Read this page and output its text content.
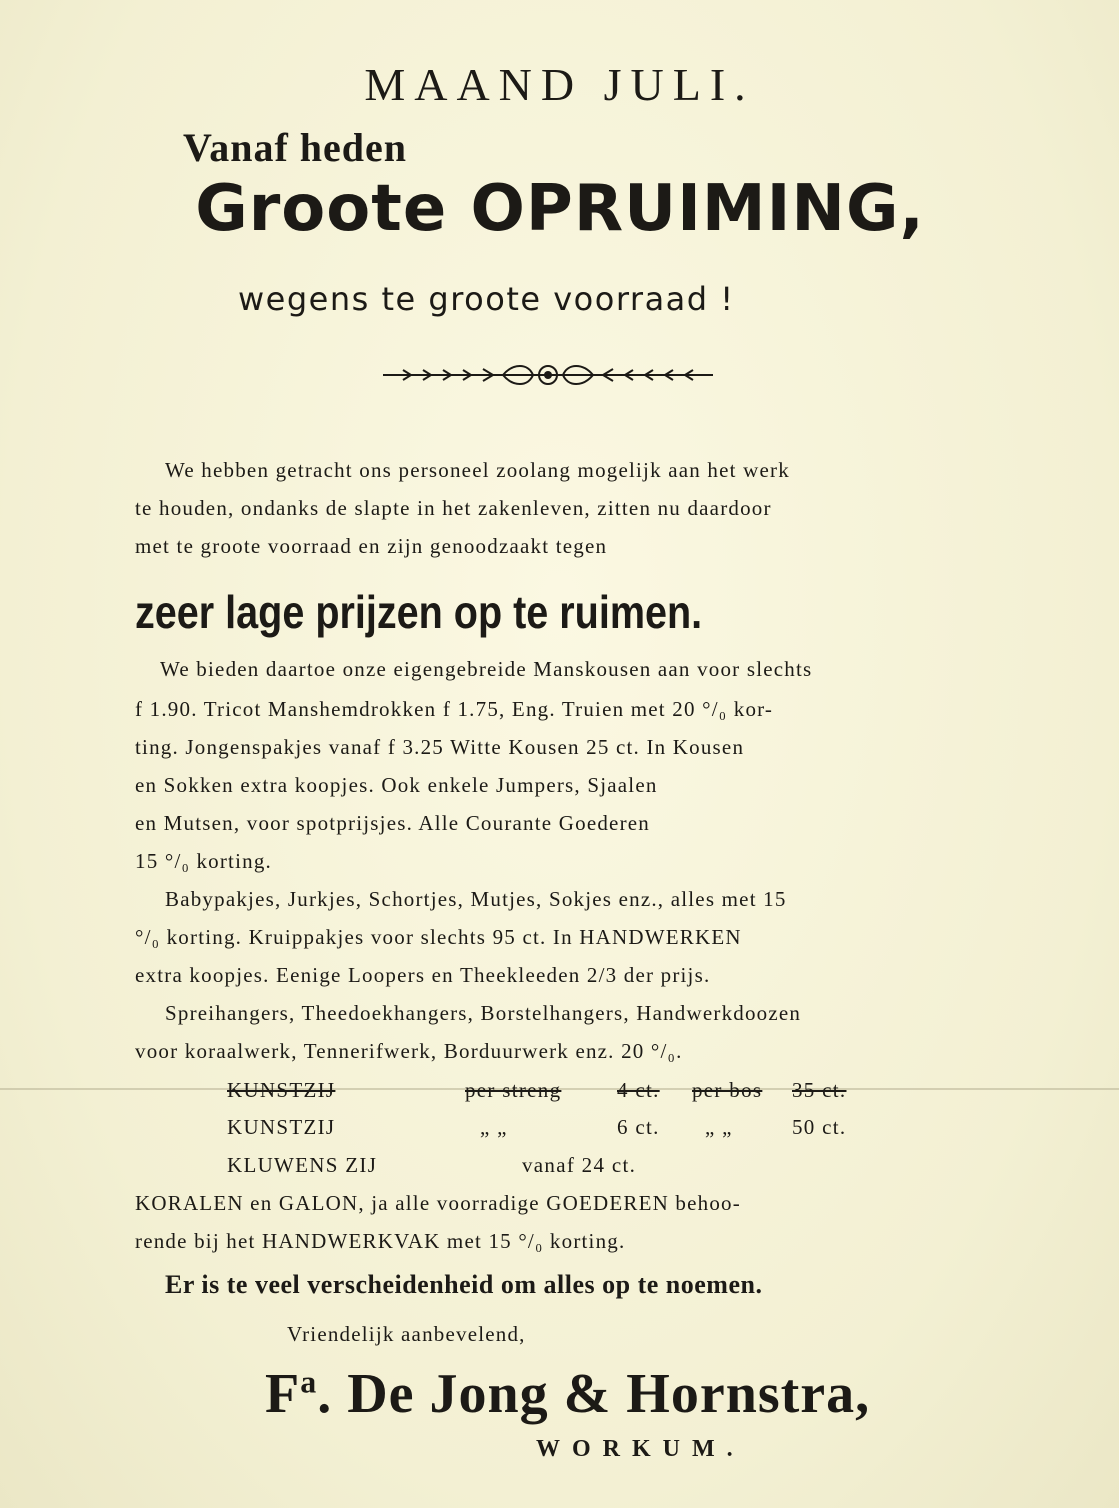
MAAND JULI.
Vanaf heden
Groote OPRUIMING,
wegens te groote voorraad !
We hebben getracht ons personeel zoolang mogelijk aan het werk
te houden, ondanks de slapte in het zakenleven, zitten nu daardoor
met te groote voorraad en zijn genoodzaakt tegen
zeer lage prijzen op te ruimen.
We bieden daartoe onze eigengebreide Manskousen aan voor slechts
f 1.90. Tricot Manshemdrokken f 1.75, Eng. Truien met 20 °/₀ kor-
ting. Jongenspakjes vanaf f 3.25 Witte Kousen 25 ct. In Kousen
en Sokken extra koopjes. Ook enkele Jumpers, Sjaalen
en Mutsen, voor spotprijsjes. Alle Courante Goederen
15 °/₀ korting.
Babypakjes, Jurkjes, Schortjes, Mutjes, Sokjes enz., alles met 15
°/₀ korting. Kruippakjes voor slechts 95 ct. In HANDWERKEN
extra koopjes. Eenige Loopers en Theekleeden 2/3 der prijs.
Spreihangers, Theedoekhangers, Borstelhangers, Handwerkdoozen
voor koraalwerk, Tennerifwerk, Borduurwerk enz. 20 °/₀.
KUNSTZIJ	per streng	4 ct. per bos 35 ct.
KUNSTZIJ	„ „	6 ct. „ „	50 ct.
KLUWENS ZIJ	vanaf 24 ct.
KORALEN en GALON, ja alle voorradige GOEDEREN behoo-
rende bij het HANDWERKVAK met 15 °/₀ korting.
Er is te veel verscheidenheid om alles op te noemen.
Vriendelijk aanbevelend,
$F^a$. De Jong & Hornstra,
WORKUM.
